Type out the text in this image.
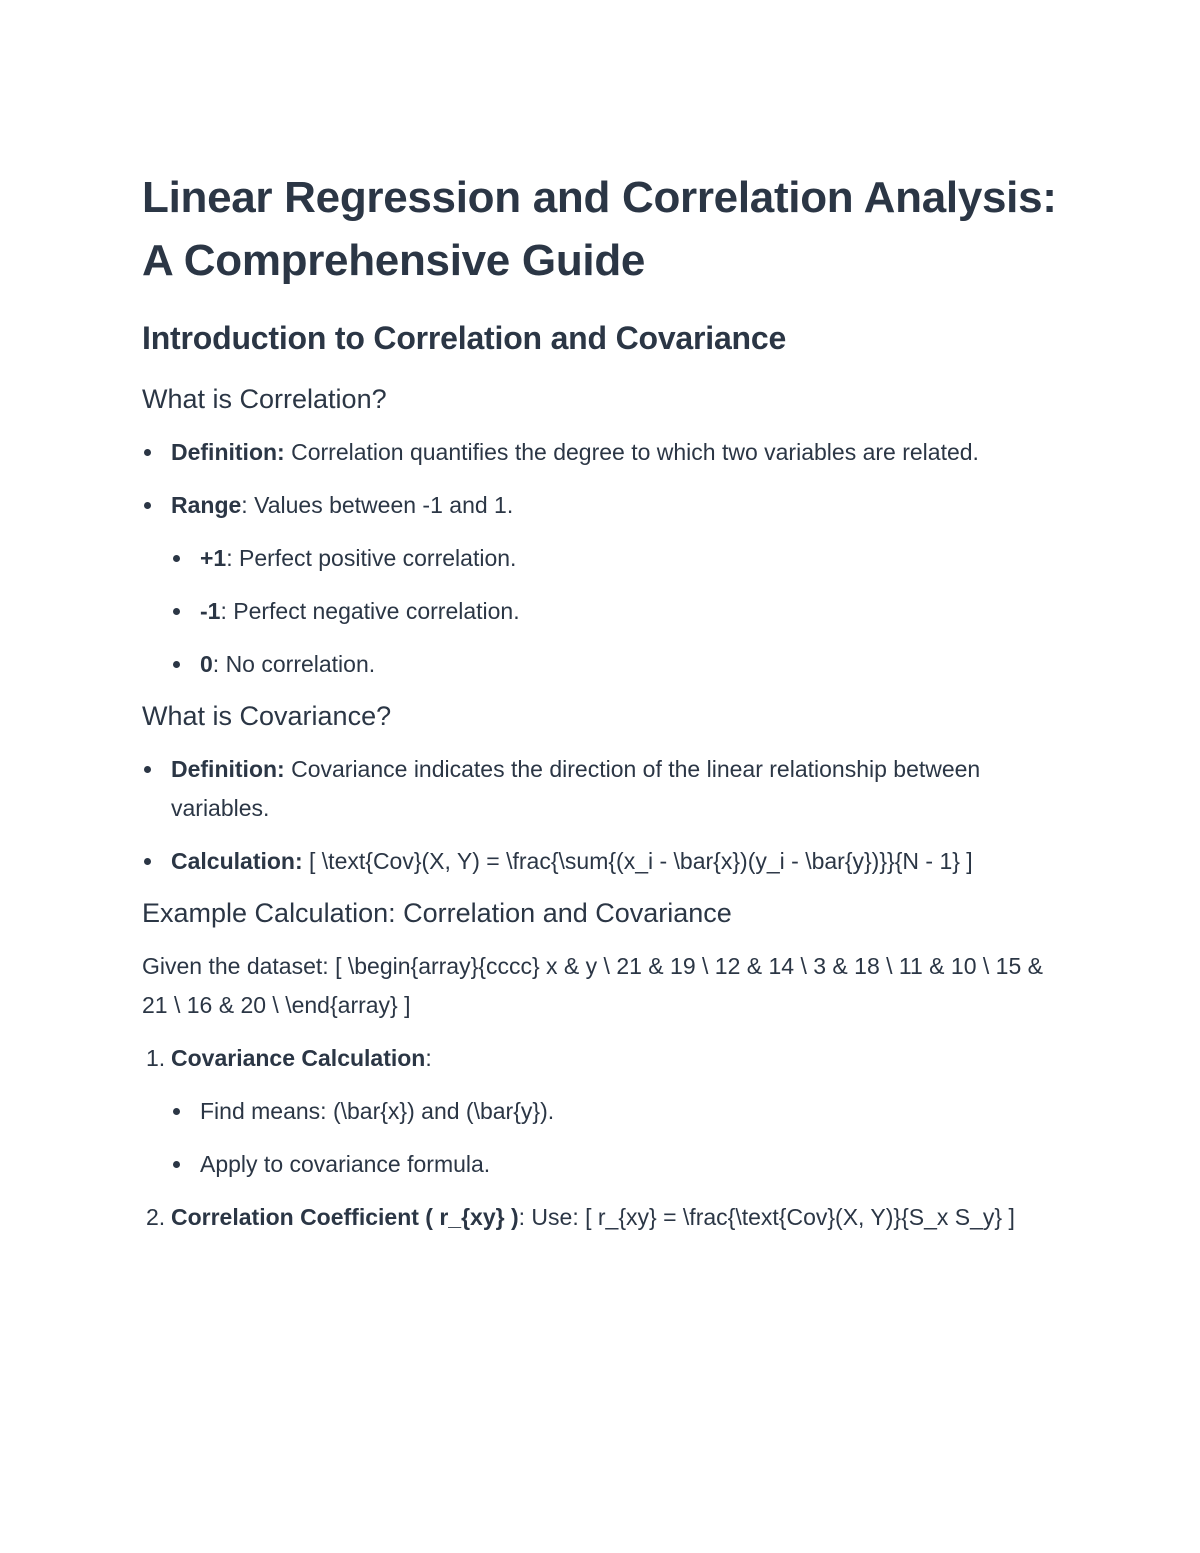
Linear Regression and Correlation Analysis: A Comprehensive Guide
Introduction to Correlation and Covariance
What is Correlation?
Definition: Correlation quantifies the degree to which two variables are related.
Range: Values between -1 and 1.
+1: Perfect positive correlation.
-1: Perfect negative correlation.
0: No correlation.
What is Covariance?
Definition: Covariance indicates the direction of the linear relationship between variables.
Calculation: [ \text{Cov}(X, Y) = \frac{\sum{(x_i - \bar{x})(y_i - \bar{y})}}{N - 1} ]
Example Calculation: Correlation and Covariance

Given the dataset: [ \begin{array}{cccc} x & y \ 21 & 19 \ 12 & 14 \ 3 & 18 \ 11 & 10 \ 15 & 21 \ 16 & 20 \ \end{array} ]

1. Covariance Calculation:
Find means: (\bar{x}) and (\bar{y}).
Apply to covariance formula.
2. Correlation Coefficient ( r_{xy} ): Use: [ r_{xy} = \frac{\text{Cov}(X, Y)}{S_x S_y} ]
